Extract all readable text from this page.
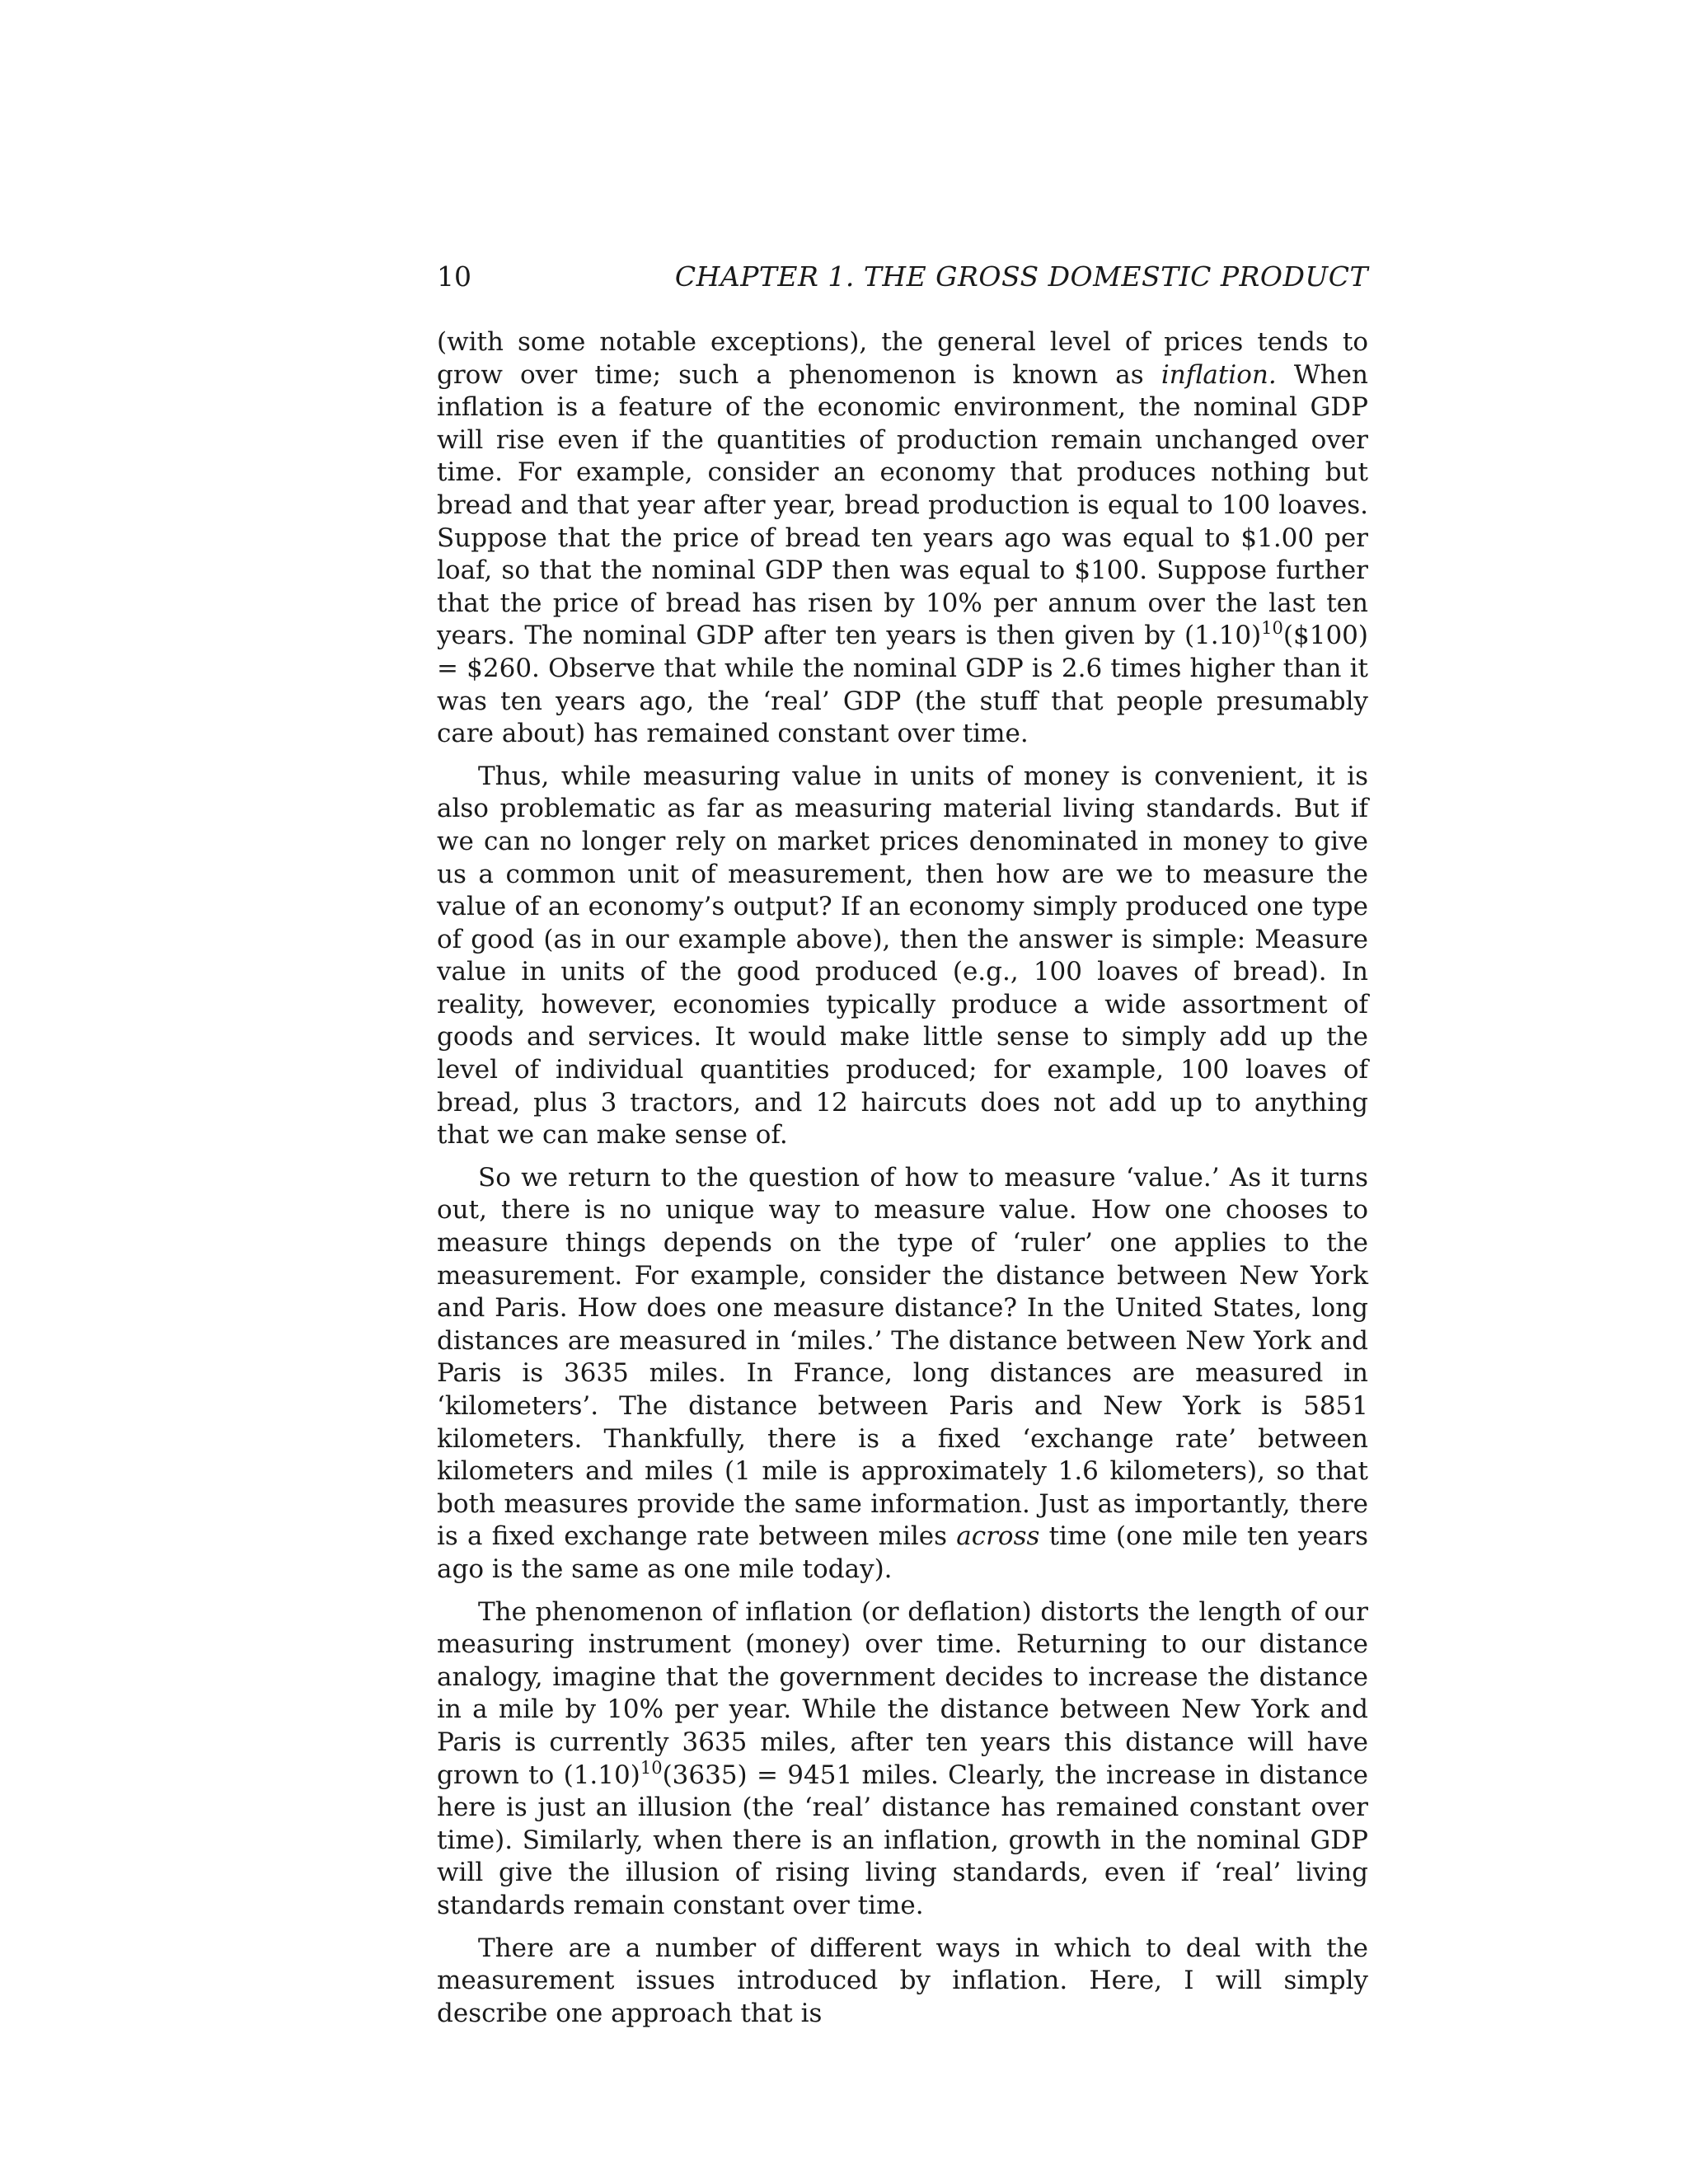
10	CHAPTER 1. THE GROSS DOMESTIC PRODUCT

(with some notable exceptions), the general level of prices tends to grow over time; such a phenomenon is known as inflation. When inflation is a feature of the economic environment, the nominal GDP will rise even if the quantities of production remain unchanged over time. For example, consider an economy that produces nothing but bread and that year after year, bread production is equal to 100 loaves. Suppose that the price of bread ten years ago was equal to $1.00 per loaf, so that the nominal GDP then was equal to $100. Suppose further that the price of bread has risen by 10% per annum over the last ten years. The nominal GDP after ten years is then given by $(1.10)^{10}(\$100)$ = $260. Observe that while the nominal GDP is 2.6 times higher than it was ten years ago, the ‘real’ GDP (the stuff that people presumably care about) has remained constant over time.

Thus, while measuring value in units of money is convenient, it is also problematic as far as measuring material living standards. But if we can no longer rely on market prices denominated in money to give us a common unit of measurement, then how are we to measure the value of an economy’s output? If an economy simply produced one type of good (as in our example above), then the answer is simple: Measure value in units of the good produced (e.g., 100 loaves of bread). In reality, however, economies typically produce a wide assortment of goods and services. It would make little sense to simply add up the level of individual quantities produced; for example, 100 loaves of bread, plus 3 tractors, and 12 haircuts does not add up to anything that we can make sense of.

So we return to the question of how to measure ‘value.’ As it turns out, there is no unique way to measure value. How one chooses to measure things depends on the type of ‘ruler’ one applies to the measurement. For example, consider the distance between New York and Paris. How does one measure distance? In the United States, long distances are measured in ‘miles.’ The distance between New York and Paris is 3635 miles. In France, long distances are measured in ‘kilometers’. The distance between Paris and New York is 5851 kilometers. Thankfully, there is a fixed ‘exchange rate’ between kilometers and miles (1 mile is approximately 1.6 kilometers), so that both measures provide the same information. Just as importantly, there is a fixed exchange rate between miles across time (one mile ten years ago is the same as one mile today).

The phenomenon of inflation (or deflation) distorts the length of our measuring instrument (money) over time. Returning to our distance analogy, imagine that the government decides to increase the distance in a mile by 10% per year. While the distance between New York and Paris is currently 3635 miles, after ten years this distance will have grown to $(1.10)^{10}(3635) = 9451$ miles. Clearly, the increase in distance here is just an illusion (the ‘real’ distance has remained constant over time). Similarly, when there is an inflation, growth in the nominal GDP will give the illusion of rising living standards, even if ‘real’ living standards remain constant over time.

There are a number of different ways in which to deal with the measurement issues introduced by inflation. Here, I will simply describe one approach that is
